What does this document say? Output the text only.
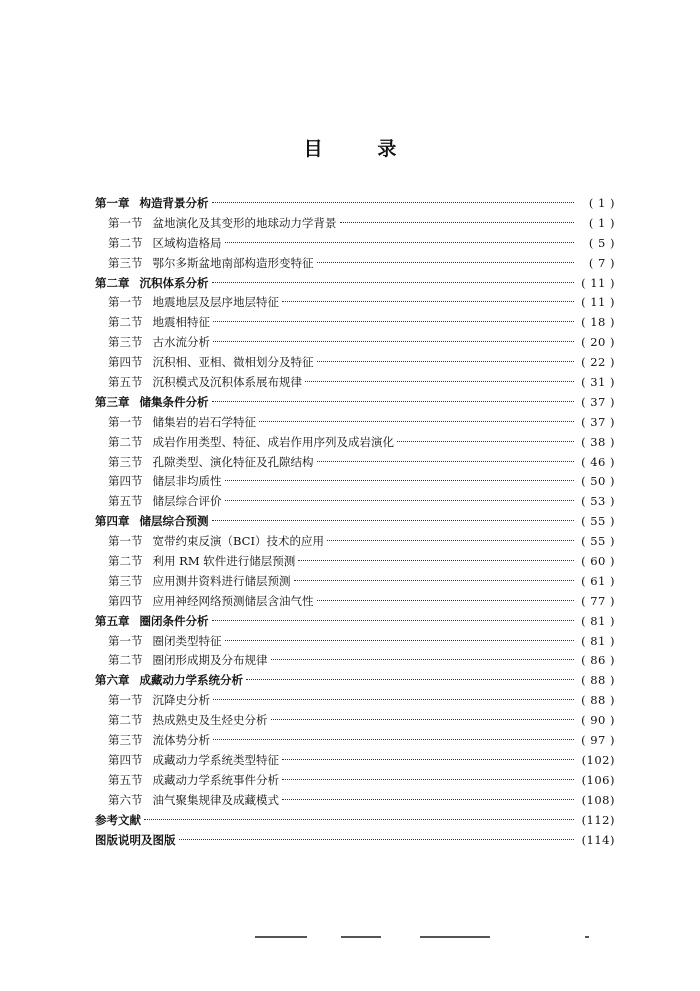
目	录
第一章 构造背景分析	( 1 )
第一节 盆地演化及其变形的地球动力学背景	( 1 )
第二节 区域构造格局	( 5 )
第三节 鄂尔多斯盆地南部构造形变特征	( 7 )
第二章 沉积体系分析	( 11 )
第一节 地震地层及层序地层特征	( 11 )
第二节 地震相特征	( 18 )
第三节 古水流分析	( 20 )
第四节 沉积相、亚相、微相划分及特征	( 22 )
第五节 沉积模式及沉积体系展布规律	( 31 )
第三章 储集条件分析	( 37 )
第一节 储集岩的岩石学特征	( 37 )
第二节 成岩作用类型、特征、成岩作用序列及成岩演化	( 38 )
第三节 孔隙类型、演化特征及孔隙结构	( 46 )
第四节 储层非均质性	( 50 )
第五节 储层综合评价	( 53 )
第四章 储层综合预测	( 55 )
第一节 宽带约束反演（BCI）技术的应用	( 55 )
第二节 利用 RM 软件进行储层预测	( 60 )
第三节 应用测井资料进行储层预测	( 61 )
第四节 应用神经网络预测储层含油气性	( 77 )
第五章 圈闭条件分析	( 81 )
第一节 圈闭类型特征	( 81 )
第二节 圈闭形成期及分布规律	( 86 )
第六章 成藏动力学系统分析	( 88 )
第一节 沉降史分析	( 88 )
第二节 热成熟史及生烃史分析	( 90 )
第三节 流体势分析	( 97 )
第四节 成藏动力学系统类型特征	(102)
第五节 成藏动力学系统事件分析	(106)
第六节 油气聚集规律及成藏模式	(108)
参考文献	(112)
图版说明及图版	(114)
